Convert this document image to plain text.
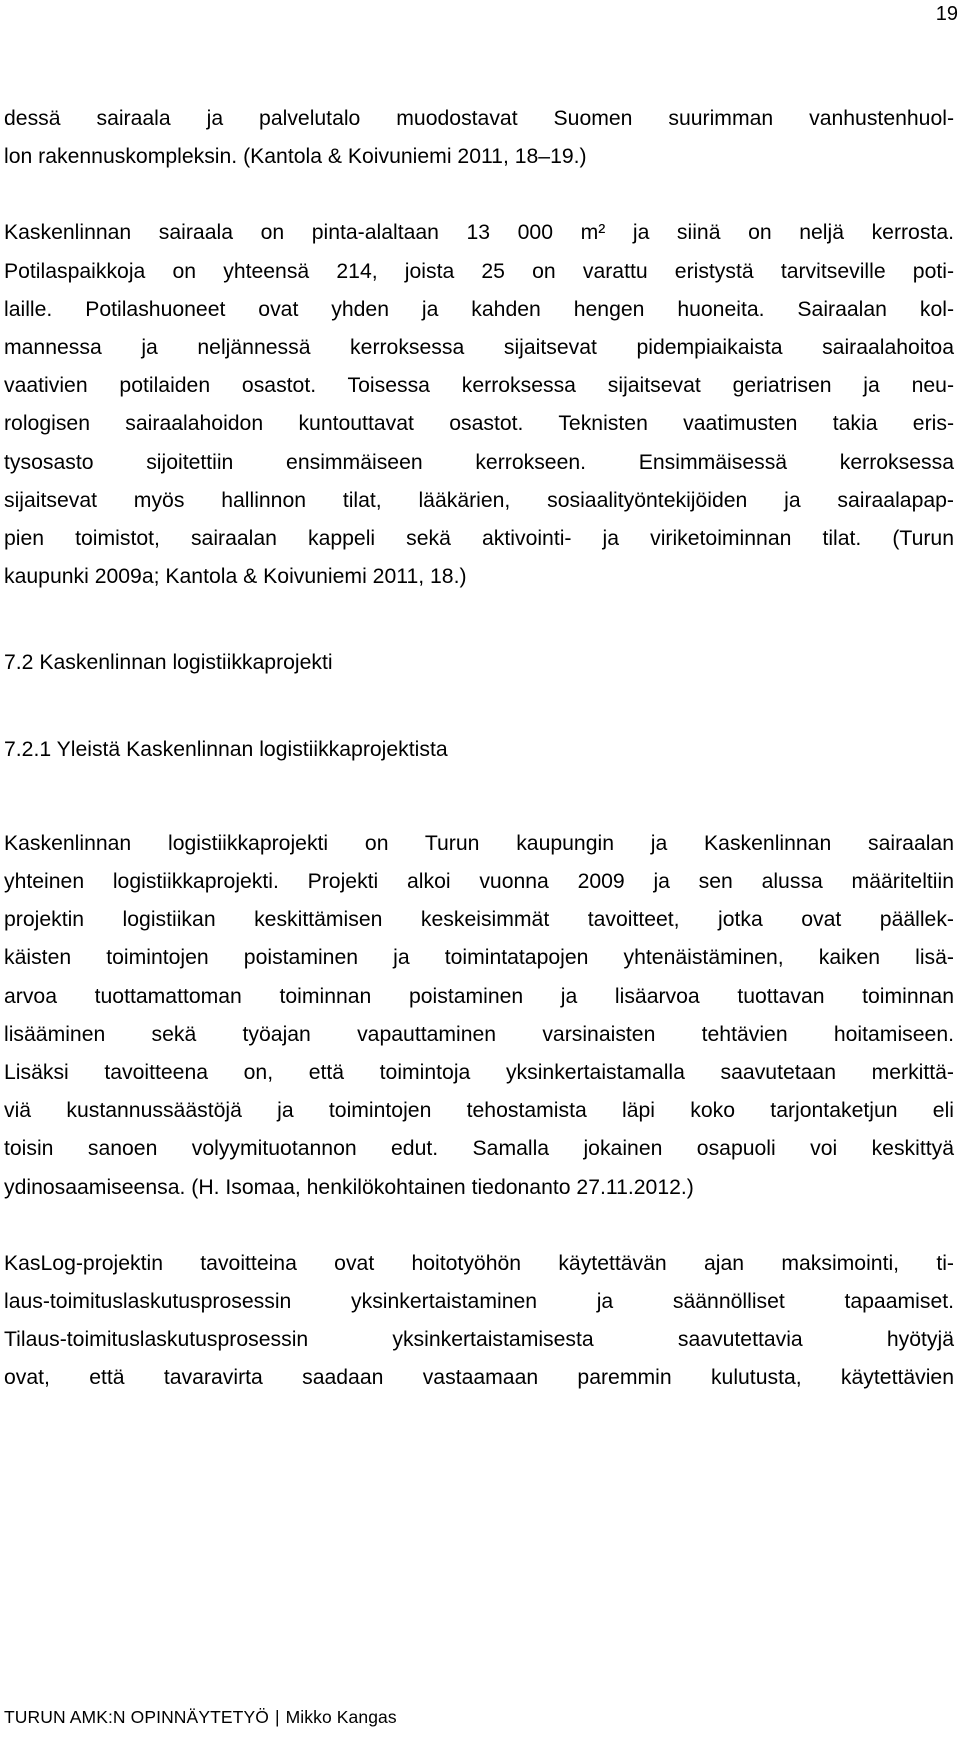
19

dessä sairaala ja palvelutalo muodostavat Suomen suurimman vanhustenhuol-
lon rakennuskompleksin. (Kantola & Koivuniemi 2011, 18–19.)

Kaskenlinnan sairaala on pinta-alaltaan 13 000 m² ja siinä on neljä kerrosta.
Potilaspaikkoja on yhteensä 214, joista 25 on varattu eristystä tarvitseville poti-
laille. Potilashuoneet ovat yhden ja kahden hengen huoneita. Sairaalan kol-
mannessa ja neljännessä kerroksessa sijaitsevat pidempiaikaista sairaalahoitoa
vaativien potilaiden osastot. Toisessa kerroksessa sijaitsevat geriatrisen ja neu-
rologisen sairaalahoidon kuntouttavat osastot. Teknisten vaatimusten takia eris-
tysosasto sijoitettiin ensimmäiseen kerrokseen. Ensimmäisessä kerroksessa
sijaitsevat myös hallinnon tilat, lääkärien, sosiaalityöntekijöiden ja sairaalapap-
pien toimistot, sairaalan kappeli sekä aktivointi- ja viriketoiminnan tilat. (Turun
kaupunki 2009a; Kantola & Koivuniemi 2011, 18.)

7.2 Kaskenlinnan logistiikkaprojekti
7.2.1 Yleistä Kaskenlinnan logistiikkaprojektista

Kaskenlinnan logistiikkaprojekti on Turun kaupungin ja Kaskenlinnan sairaalan
yhteinen logistiikkaprojekti. Projekti alkoi vuonna 2009 ja sen alussa määriteltiin
projektin logistiikan keskittämisen keskeisimmät tavoitteet, jotka ovat päällek-
käisten toimintojen poistaminen ja toimintatapojen yhtenäistäminen, kaiken lisä-
arvoa tuottamattoman toiminnan poistaminen ja lisäarvoa tuottavan toiminnan
lisääminen sekä työajan vapauttaminen varsinaisten tehtävien hoitamiseen.
Lisäksi tavoitteena on, että toimintoja yksinkertaistamalla saavutetaan merkittä-
viä kustannussäästöjä ja toimintojen tehostamista läpi koko tarjontaketjun eli
toisin sanoen volyymituotannon edut. Samalla jokainen osapuoli voi keskittyä
ydinosaamiseensa. (H. Isomaa, henkilökohtainen tiedonanto 27.11.2012.)

KasLog-projektin tavoitteina ovat hoitotyöhön käytettävän ajan maksimointi, ti-
laus-toimituslaskutusprosessin yksinkertaistaminen ja säännölliset tapaamiset.
Tilaus-toimituslaskutusprosessin yksinkertaistamisesta saavutettavia hyötyjä
ovat, että tavaravirta saadaan vastaamaan paremmin kulutusta, käytettävien

TURUN AMK:N OPINNÄYTETYÖ | Mikko Kangas
